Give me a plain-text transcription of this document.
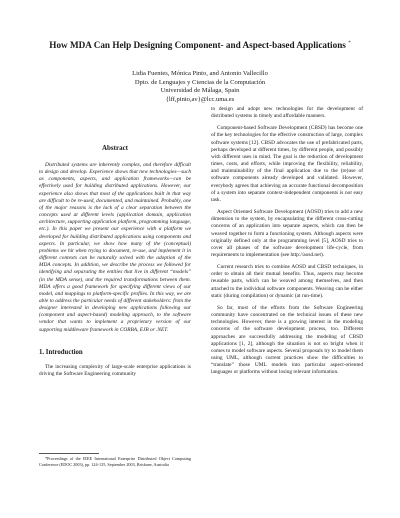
How MDA Can Help Designing Component- and Aspect-based Applications *
Lidia Fuentes, Mónica Pinto, and Antonio Vallecillo
Dpto. de Lenguajes y Ciencias de la Computación
Universidad de Málaga, Spain
{lff,pinto,av}@lcc.uma.es
Abstract

Distributed systems are inherently complex, and therefore difficult to design and develop. Experience shows that new technologies—such as components, aspects, and application frameworks—can be effectively used for building distributed applications. However, our experience also shows that most of the applications built in that way are difficult to be re-used, documented, and maintained. Probably, one of the major reasons is the lack of a clear separation between the concepts used at different levels (application domain, application architecture, supporting application platform, programming language, etc.). In this paper we present our experience with a platform we developed for building distributed applications using components and aspects. In particular, we show how many of the (conceptual) problems we hit when trying to document, re-use, and implement it in different contexts can be naturally solved with the adoption of the MDA concepts. In addition, we describe the process we followed for identifying and separating the entities that live in different “models” (in the MDA sense), and the required transformations between them. MDA offers a good framework for specifying different views of our model, and mappings to platform-specific profiles. In this way, we are able to address the particular needs of different stakeholders: from the designer interested in developing new applications following our (component and aspect-based) modeling approach, to the software vendor that wants to implement a proprietary version of our supporting middleware framework in CORBA, EJB or .NET.

1. Introduction

The increasing complexity of large-scale enterprise applications is driving the Software Engineering community

*Proceedings of the IEEE International Enterprise Distributed Object Computing Conference (EDOC 2003), pp. 124-135, September 2003, Brisbane, Australia

to design and adopt new technologies for the development of distributed systems in timely and affordable manners.

Component-based Software Development (CBSD) has become one of the key technologies for the effective construction of large, complex software systems [12]. CBSD advocates the use of prefabricated parts, perhaps developed at different times, by different people, and possibly with different uses in mind. The goal is the reduction of development times, costs, and efforts, while improving the flexibility, reliability, and maintainability of the final application due to the (re)use of software components already developed and validated. However, everybody agrees that achieving an accurate functional decomposition of a system into separate context-independent components is not easy task.

Aspect Oriented Software Development (AOSD) tries to add a new dimension to the system, by encapsulating the different cross-cutting concerns of an application into separate aspects, which can then be weaved together to form a functioning system. Although aspects were originally defined only at the programming level [5], AOSD tries to cover all phases of the software development life-cycle, from requirements to implementation (see http://aosd.net).

Current research tries to combine AOSD and CBSD techniques, in order to obtain all their mutual benefits. Thus, aspects may become reusable parts, which can be weaved among themselves, and then attached to the individual software components. Weaving can be either static (during compilation) or dynamic (at run-time).

So far, most of the efforts from the Software Engineering community have concentrated on the technical issues of these new technologies. However, there is a growing interest in the modeling concerns of the software development process, too. Different approaches are successfully addressing the modeling of CBSD applications [1, 2], although the situation is not so bright when it comes to model software aspects. Several proposals try to model them using UML, although current practices show the difficulties to “translate” those UML models into particular aspect-oriented languages or platforms without losing relevant information.
